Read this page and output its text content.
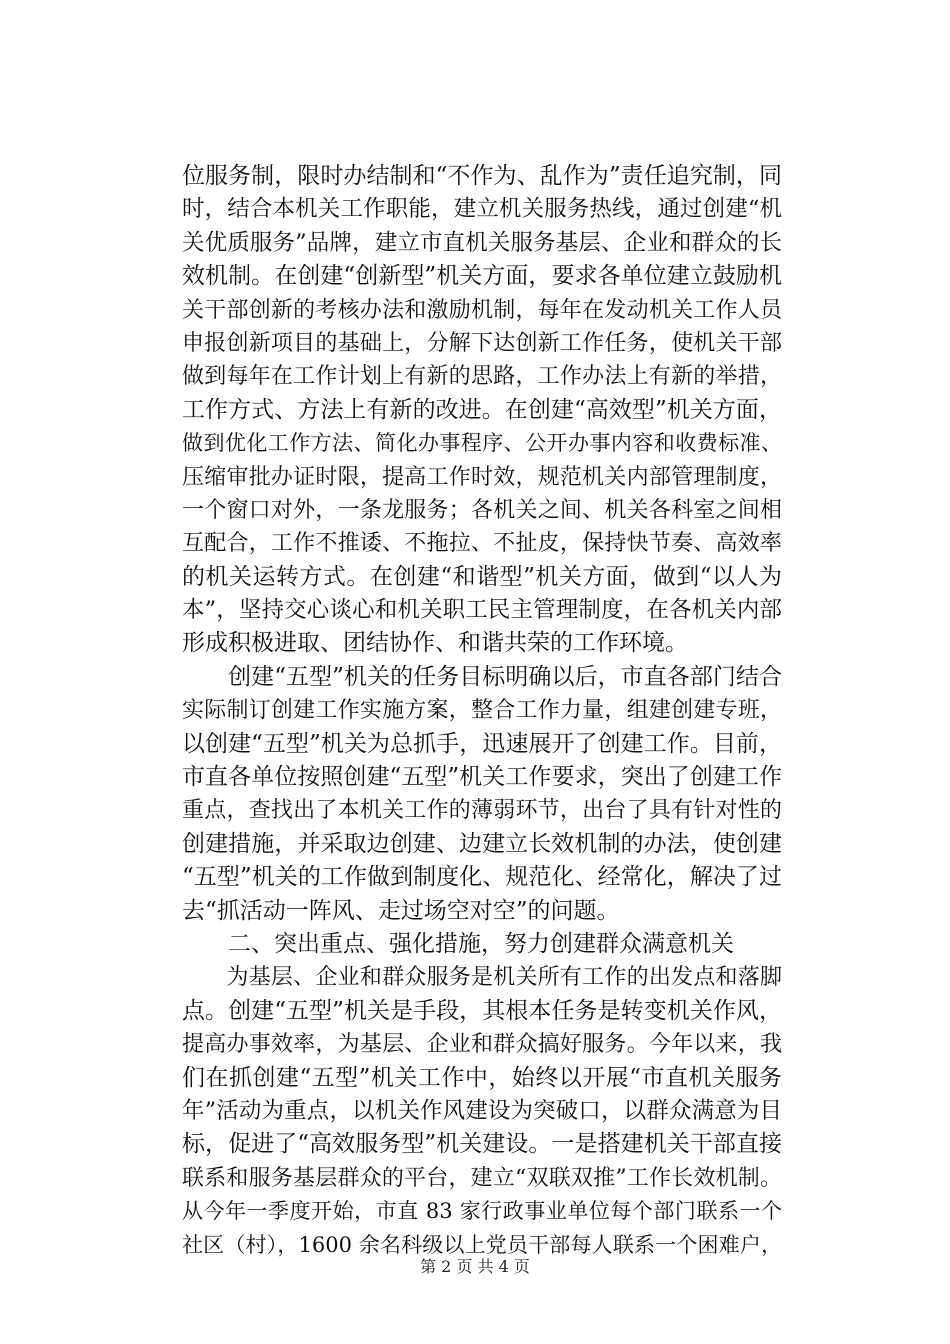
位服务制，限时办结制和“不作为、乱作为”责任追究制，同
时，结合本机关工作职能，建立机关服务热线，通过创建“机
关优质服务”品牌，建立市直机关服务基层、企业和群众的长
效机制。在创建“创新型”机关方面，要求各单位建立鼓励机
关干部创新的考核办法和激励机制，每年在发动机关工作人员
申报创新项目的基础上，分解下达创新工作任务，使机关干部
做到每年在工作计划上有新的思路，工作办法上有新的举措，
工作方式、方法上有新的改进。在创建“高效型”机关方面，
做到优化工作方法、简化办事程序、公开办事内容和收费标准、
压缩审批办证时限，提高工作时效，规范机关内部管理制度，
一个窗口对外，一条龙服务；各机关之间、机关各科室之间相
互配合，工作不推诿、不拖拉、不扯皮，保持快节奏、高效率
的机关运转方式。在创建“和谐型”机关方面，做到“以人为
本”，坚持交心谈心和机关职工民主管理制度，在各机关内部
形成积极进取、团结协作、和谐共荣的工作环境。
　　创建“五型”机关的任务目标明确以后，市直各部门结合
实际制订创建工作实施方案，整合工作力量，组建创建专班，
以创建“五型”机关为总抓手，迅速展开了创建工作。目前，
市直各单位按照创建“五型”机关工作要求，突出了创建工作
重点，查找出了本机关工作的薄弱环节，出台了具有针对性的
创建措施，并采取边创建、边建立长效机制的办法，使创建
“五型”机关的工作做到制度化、规范化、经常化，解决了过
去“抓活动一阵风、走过场空对空”的问题。
　　二、突出重点、强化措施，努力创建群众满意机关
　　为基层、企业和群众服务是机关所有工作的出发点和落脚
点。创建“五型”机关是手段，其根本任务是转变机关作风，
提高办事效率，为基层、企业和群众搞好服务。今年以来，我
们在抓创建“五型”机关工作中，始终以开展“市直机关服务
年”活动为重点，以机关作风建设为突破口，以群众满意为目
标，促进了“高效服务型”机关建设。一是搭建机关干部直接
联系和服务基层群众的平台，建立“双联双推”工作长效机制。
从今年一季度开始，市直 83 家行政事业单位每个部门联系一个
社区（村），1600 余名科级以上党员干部每人联系一个困难户，
第 2 页 共 4 页
